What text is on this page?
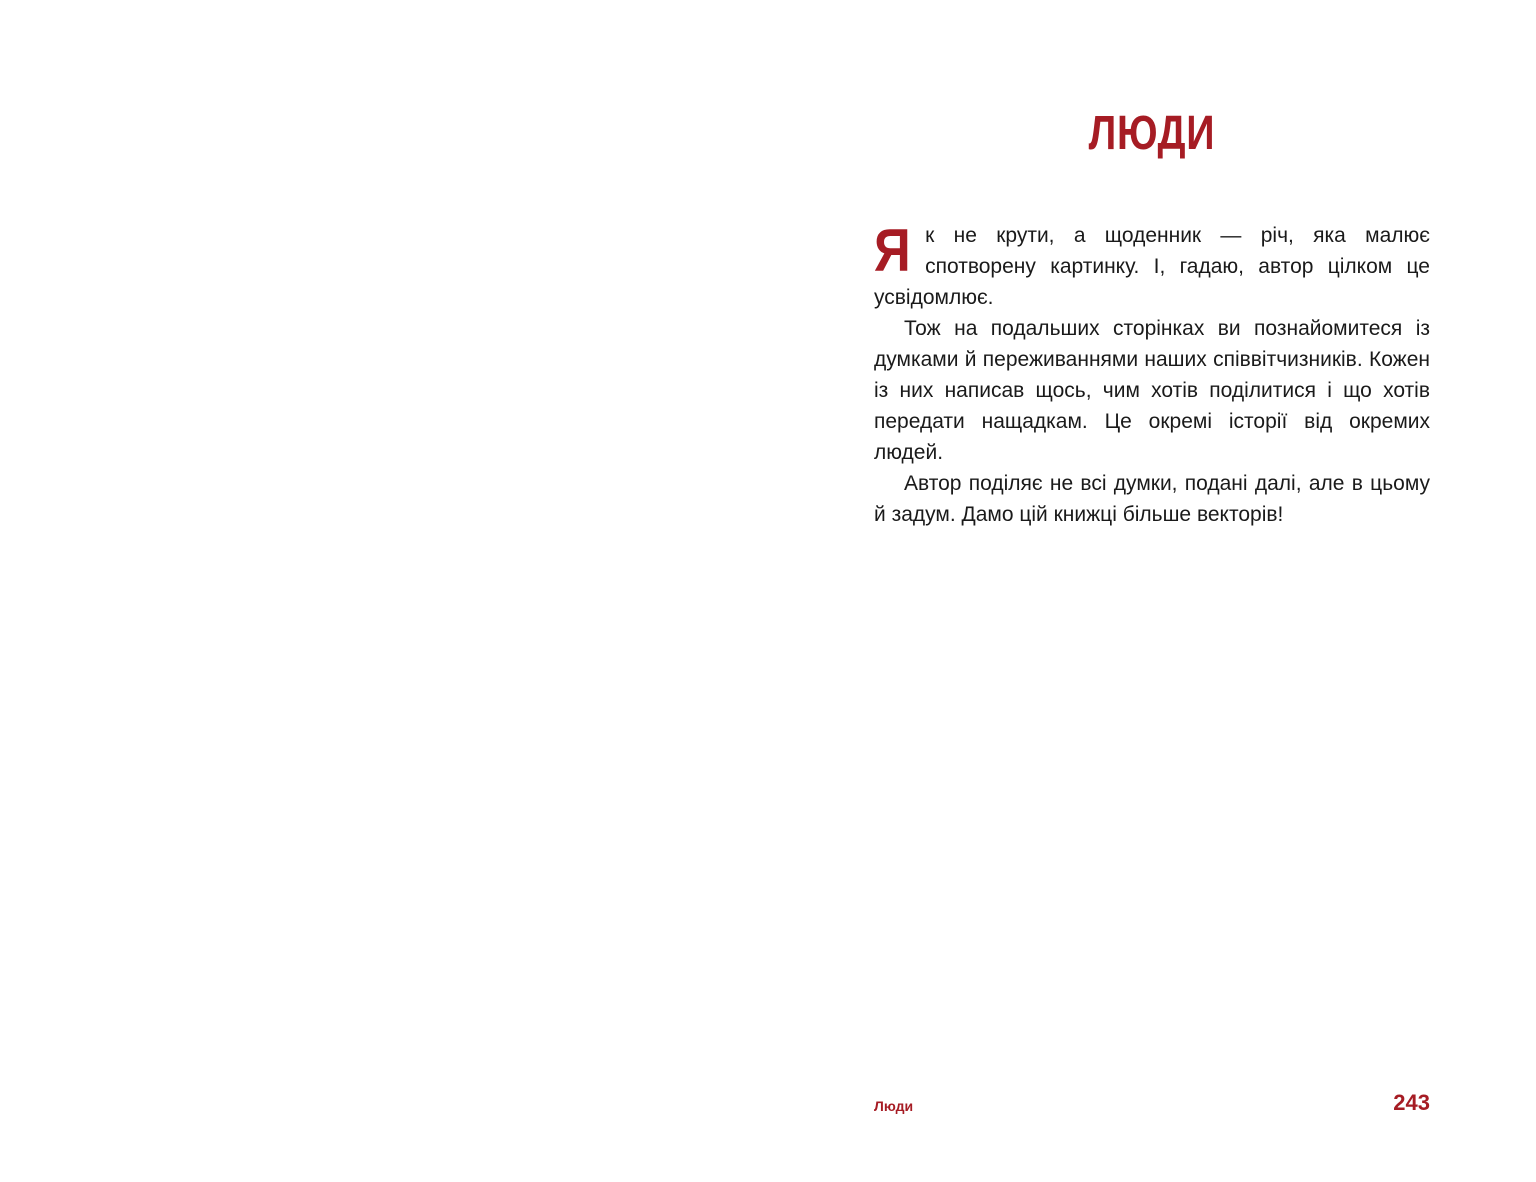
ЛЮДИ

Як не крути, а щоденник — річ, яка малює спотворену картинку. І, гадаю, автор цілком це усвідомлює.

Тож на подальших сторінках ви познайомитеся із думками й переживаннями наших співвітчизників. Кожен із них написав щось, чим хотів поділитися і що хотів передати нащадкам. Це окремі історії від окремих людей.

Автор поділяє не всі думки, подані далі, але в цьому й задум. Дамо цій книжці більше векторів!

Люди	243
